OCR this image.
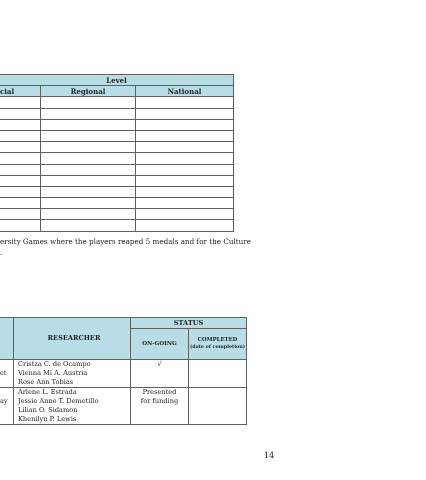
Level		
cial	Regional	National

ersity Games where the players reaped 5 medals and for the Culture
.
	RESEARCHER	STATUS	
		ON-GOING	COMPLETED
(date of completion)

et	Cristza C. de Ocampo
Vienna Mi A. Austria
Rose Ann Tobias	√	
ay	Arlene L. Estrada
Jessie Anne T. Demetillo
Lilian O. Sidamon
Khenilyn P. Lewis	Presented for funding	
14
